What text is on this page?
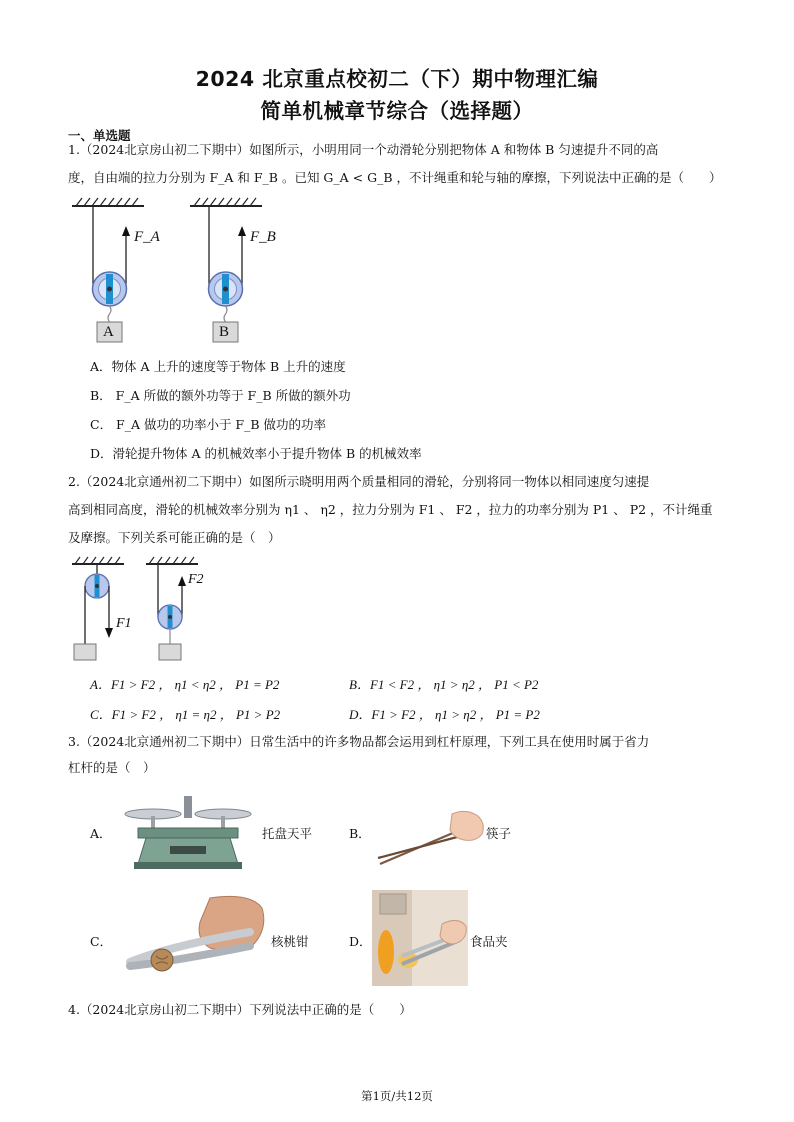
2024 北京重点校初二（下）期中物理汇编
简单机械章节综合（选择题）
一、单选题
1.（2024北京房山初二下期中）如图所示，小明用同一个动滑轮分别把物体 A 和物体 B 匀速提升不同的高
度，自由端的拉力分别为 F_A 和 F_B 。已知 G_A < G_B ，不计绳重和轮与轴的摩擦，下列说法中正确的是（　　）
F_A	F_B
A	B
A．物体 A 上升的速度等于物体 B 上升的速度
B． F_A 所做的额外功等于 F_B 所做的额外功
C． F_A 做功的功率小于 F_B 做功的功率
D．滑轮提升物体 A 的机械效率小于提升物体 B 的机械效率
2.（2024北京通州初二下期中）如图所示晓明用两个质量相同的滑轮，分别将同一物体以相同速度匀速提
高到相同高度，滑轮的机械效率分别为 η1 、 η2 ，拉力分别为 F1 、 F2 ，拉力的功率分别为 P1 、 P2 ，不计绳重
及摩擦。下列关系可能正确的是（　）
F1
F2
A．F1 > F2 ， η1 < η2 ， P1 = P2	B．F1 < F2 ， η1 > η2 ， P1 < P2
C．F1 > F2 ， η1 = η2 ， P1 > P2	D．F1 > F2 ， η1 > η2 ， P1 = P2
3.（2024北京通州初二下期中）日常生活中的许多物品都会运用到杠杆原理，下列工具在使用时属于省力
杠杆的是（　）
A．	托盘天平	B．	筷子
C．	核桃钳	D．	食品夹
4.（2024北京房山初二下期中）下列说法中正确的是（　　）
第1页/共12页
